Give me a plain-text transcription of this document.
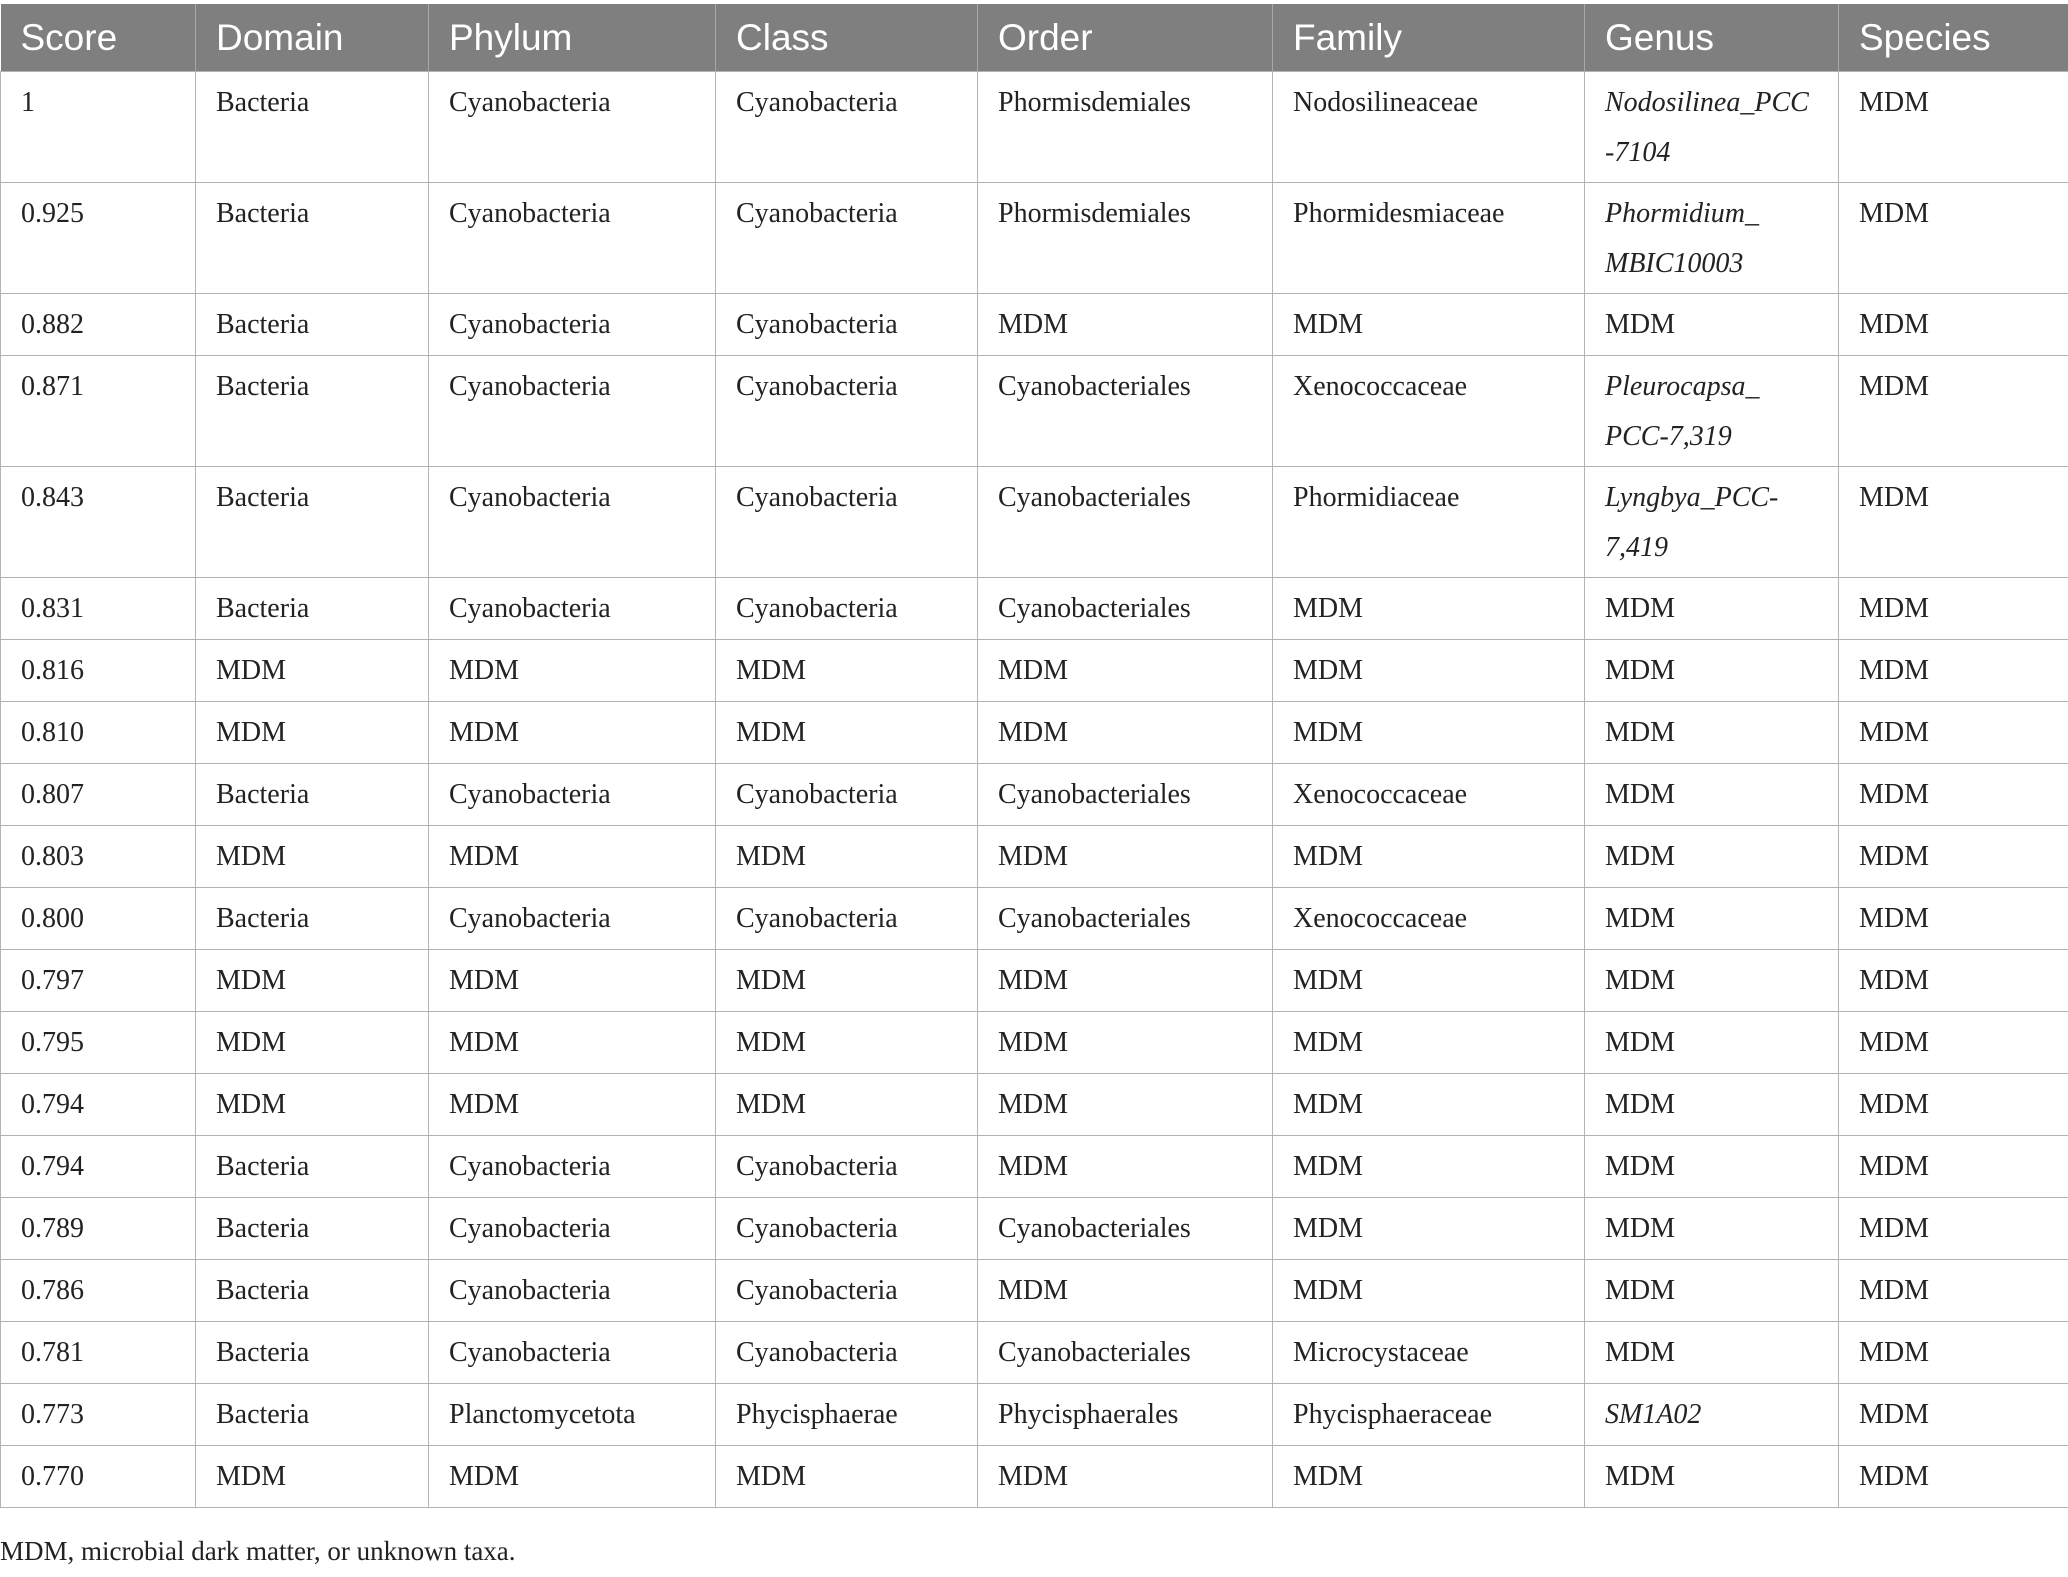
Score	Domain	Phylum	Class	Order	Family	Genus	Species
1	Bacteria	Cyanobacteria	Cyanobacteria	Phormisdemiales	Nodosilineaceae	Nodosilinea_PCC-7104	MDM
0.925	Bacteria	Cyanobacteria	Cyanobacteria	Phormisdemiales	Phormidesmiaceae	Phormidium_ MBIC10003	MDM
0.882	Bacteria	Cyanobacteria	Cyanobacteria	MDM	MDM	MDM	MDM
0.871	Bacteria	Cyanobacteria	Cyanobacteria	Cyanobacteriales	Xenococcaceae	Pleurocapsa_ PCC-7,319	MDM
0.843	Bacteria	Cyanobacteria	Cyanobacteria	Cyanobacteriales	Phormidiaceae	Lyngbya_PCC-7,419	MDM
0.831	Bacteria	Cyanobacteria	Cyanobacteria	Cyanobacteriales	MDM	MDM	MDM
0.816	MDM	MDM	MDM	MDM	MDM	MDM	MDM
0.810	MDM	MDM	MDM	MDM	MDM	MDM	MDM
0.807	Bacteria	Cyanobacteria	Cyanobacteria	Cyanobacteriales	Xenococcaceae	MDM	MDM
0.803	MDM	MDM	MDM	MDM	MDM	MDM	MDM
0.800	Bacteria	Cyanobacteria	Cyanobacteria	Cyanobacteriales	Xenococcaceae	MDM	MDM
0.797	MDM	MDM	MDM	MDM	MDM	MDM	MDM
0.795	MDM	MDM	MDM	MDM	MDM	MDM	MDM
0.794	MDM	MDM	MDM	MDM	MDM	MDM	MDM
0.794	Bacteria	Cyanobacteria	Cyanobacteria	MDM	MDM	MDM	MDM
0.789	Bacteria	Cyanobacteria	Cyanobacteria	Cyanobacteriales	MDM	MDM	MDM
0.786	Bacteria	Cyanobacteria	Cyanobacteria	MDM	MDM	MDM	MDM
0.781	Bacteria	Cyanobacteria	Cyanobacteria	Cyanobacteriales	Microcystaceae	MDM	MDM
0.773	Bacteria	Planctomycetota	Phycisphaerae	Phycisphaerales	Phycisphaeraceae	SM1A02	MDM
0.770	MDM	MDM	MDM	MDM	MDM	MDM	MDM
MDM, microbial dark matter, or unknown taxa.
